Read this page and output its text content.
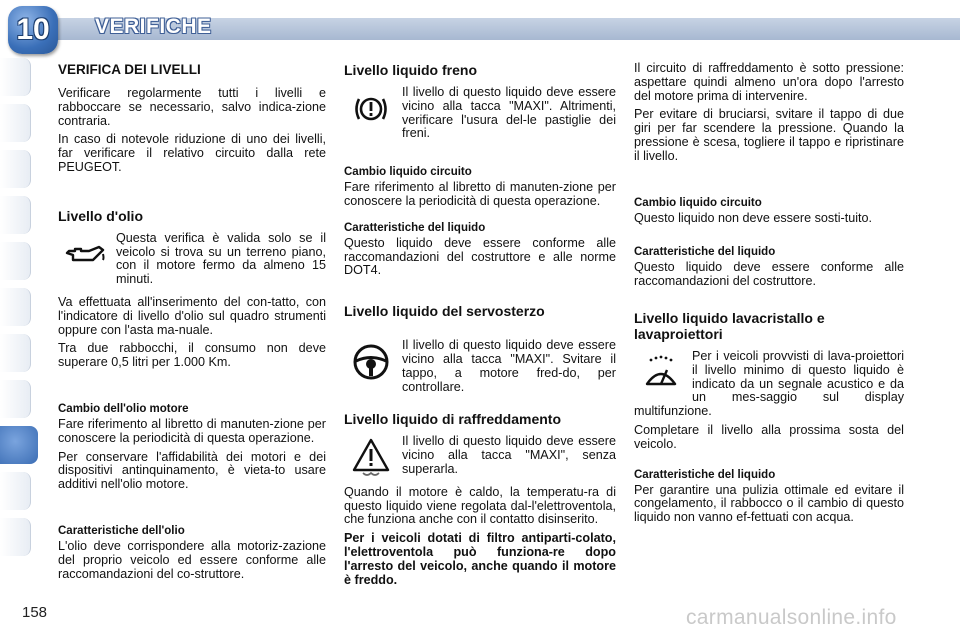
10	VERIFICHE
VERIFICA DEI LIVELLI

Verificare regolarmente tutti i livelli e rabboccare se necessario, salvo indica-zione contraria.

In caso di notevole riduzione di uno dei livelli, far verificare il relativo circuito dalla rete PEUGEOT.

Livello d'olio

Questa verifica è valida solo se il veicolo si trova su un terreno piano, con il motore fermo da almeno 15 minuti.

Va effettuata all'inserimento del con-tatto, con l'indicatore di livello d'olio sul quadro strumenti oppure con l'asta ma-nuale.

Tra due rabbocchi, il consumo non deve superare 0,5 litri per 1.000 Km.

Cambio dell'olio motore

Fare riferimento al libretto di manuten-zione per conoscere la periodicità di questa operazione.

Per conservare l'affidabilità dei motori e dei dispositivi antinquinamento, è vieta-to usare additivi nell'olio motore.

Caratteristiche dell'olio

L'olio deve corrispondere alla motoriz-zazione del proprio veicolo ed essere conforme alle raccomandazioni del co-struttore.

Livello liquido freno

Il livello di questo liquido deve essere vicino alla tacca "MAXI". Altrimenti, verificare l'usura del-le pastiglie dei freni.

Cambio liquido circuito

Fare riferimento al libretto di manuten-zione per conoscere la periodicità di questa operazione.

Caratteristiche del liquido

Questo liquido deve essere conforme alle raccomandazioni del costruttore e alle norme DOT4.

Livello liquido del servosterzo

Il livello di questo liquido deve essere vicino alla tacca "MAXI". Svitare il tappo, a motore fred-do, per controllare.

Livello liquido di raffreddamento

Il livello di questo liquido deve essere vicino alla tacca "MAXI", senza superarla.

Quando il motore è caldo, la temperatu-ra di questo liquido viene regolata dal-l'elettroventola, che funziona anche con il contatto disinserito.

Per i veicoli dotati di filtro antiparti-colato, l'elettroventola può funziona-re dopo l'arresto del veicolo, anche quando il motore è freddo.

Il circuito di raffreddamento è sotto pressione: aspettare quindi almeno un'ora dopo l'arresto del motore prima di intervenire.

Per evitare di bruciarsi, svitare il tappo di due giri per far scendere la pressione. Quando la pressione è scesa, togliere il tappo e ripristinare il livello.

Cambio liquido circuito

Questo liquido non deve essere sosti-tuito.

Caratteristiche del liquido

Questo liquido deve essere conforme alle raccomandazioni del costruttore.

Livello liquido lavacristallo e lavaproiettori

Per i veicoli provvisti di lava-proiettori il livello minimo di questo liquido è indicato da un segnale acustico e da un mes-saggio sul display multifunzione.

Completare il livello alla prossima sosta del veicolo.

Caratteristiche del liquido

Per garantire una pulizia ottimale ed evitare il congelamento, il rabbocco o il cambio di questo liquido non vanno ef-fettuati con acqua.

158	carmanualsonline.info
